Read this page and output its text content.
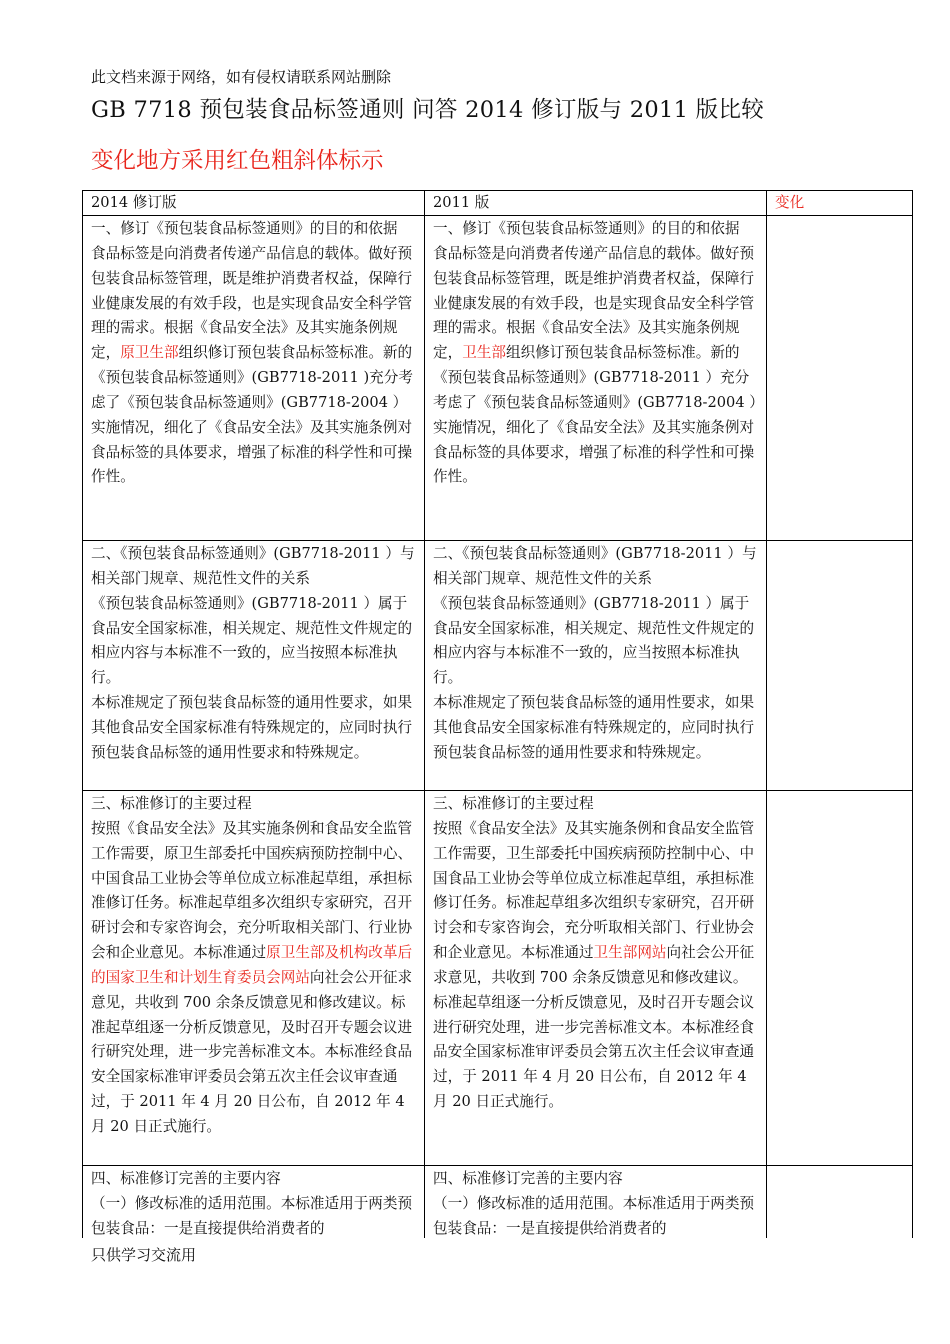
此文档来源于网络，如有侵权请联系网站删除
GB 7718 预包装食品标签通则 问答 2014 修订版与 2011 版比较
变化地方采用红色粗斜体标示
2014 修订版	2011 版	变化

一、修订《预包装食品标签通则》的目的和依据

食品标签是向消费者传递产品信息的载体。做好预包装食品标签管理，既是维护消费者权益，保障行业健康发展的有效手段，也是实现食品安全科学管理的需求。根据《食品安全法》及其实施条例规定，原卫生部组织修订预包装食品标签标准。新的《预包装食品标签通则》(GB7718-2011 )充分考虑了《预包装食品标签通则》(GB7718-2004 ）实施情况，细化了《食品安全法》及其实施条例对食品标签的具体要求，增强了标准的科学性和可操作性。

一、修订《预包装食品标签通则》的目的和依据

食品标签是向消费者传递产品信息的载体。做好预包装食品标签管理，既是维护消费者权益，保障行业健康发展的有效手段，也是实现食品安全科学管理的需求。根据《食品安全法》及其实施条例规定，卫生部组织修订预包装食品标签标准。新的《预包装食品标签通则》(GB7718-2011 ）充分考虑了《预包装食品标签通则》(GB7718-2004 ）实施情况，细化了《食品安全法》及其实施条例对食品标签的具体要求，增强了标准的科学性和可操作性。

二、《预包装食品标签通则》(GB7718-2011 ）与相关部门规章、规范性文件的关系

《预包装食品标签通则》(GB7718-2011 ）属于食品安全国家标准，相关规定、规范性文件规定的相应内容与本标准不一致的，应当按照本标准执行。

本标准规定了预包装食品标签的通用性要求，如果其他食品安全国家标准有特殊规定的，应同时执行预包装食品标签的通用性要求和特殊规定。

二、《预包装食品标签通则》(GB7718-2011 ）与相关部门规章、规范性文件的关系

《预包装食品标签通则》(GB7718-2011 ）属于食品安全国家标准，相关规定、规范性文件规定的相应内容与本标准不一致的，应当按照本标准执行。

本标准规定了预包装食品标签的通用性要求，如果其他食品安全国家标准有特殊规定的，应同时执行预包装食品标签的通用性要求和特殊规定。

三、标准修订的主要过程

按照《食品安全法》及其实施条例和食品安全监管工作需要，原卫生部委托中国疾病预防控制中心、中国食品工业协会等单位成立标准起草组，承担标准修订任务。标准起草组多次组织专家研究，召开研讨会和专家咨询会，充分听取相关部门、行业协会和企业意见。本标准通过原卫生部及机构改革后的国家卫生和计划生育委员会网站向社会公开征求意见，共收到 700 余条反馈意见和修改建议。标准起草组逐一分析反馈意见，及时召开专题会议进行研究处理，进一步完善标准文本。本标准经食品安全国家标准审评委员会第五次主任会议审查通过，于 2011 年 4 月 20 日公布，自 2012 年 4 月 20 日正式施行。

三、标准修订的主要过程

按照《食品安全法》及其实施条例和食品安全监管工作需要，卫生部委托中国疾病预防控制中心、中国食品工业协会等单位成立标准起草组，承担标准修订任务。标准起草组多次组织专家研究，召开研讨会和专家咨询会，充分听取相关部门、行业协会和企业意见。本标准通过卫生部网站向社会公开征求意见，共收到 700 余条反馈意见和修改建议。标准起草组逐一分析反馈意见，及时召开专题会议进行研究处理，进一步完善标准文本。本标准经食品安全国家标准审评委员会第五次主任会议审查通过，于 2011 年 4 月 20 日公布，自 2012 年 4 月 20 日正式施行。

四、标准修订完善的主要内容

（一）修改标准的适用范围。本标准适用于两类预包装食品：一是直接提供给消费者的

四、标准修订完善的主要内容

（一）修改标准的适用范围。本标准适用于两类预包装食品：一是直接提供给消费者的

只供学习交流用
